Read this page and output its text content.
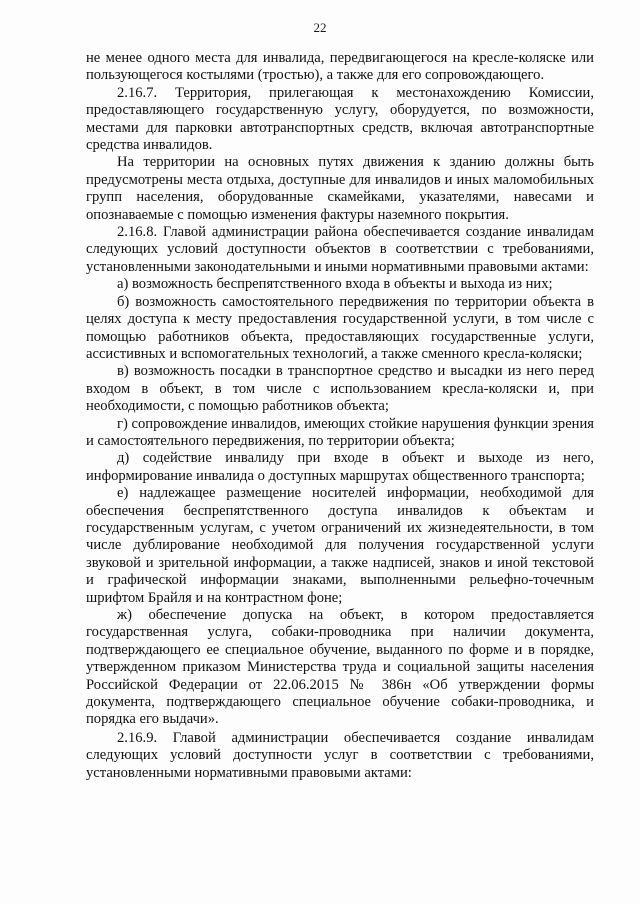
22

не менее одного места для инвалида, передвигающегося на кресле-коляске или пользующегося костылями (тростью), а также для его сопровождающего.

2.16.7. Территория, прилегающая к местонахождению Комиссии, предоставляющего государственную услугу, оборудуется, по возможности, местами для парковки автотранспортных средств, включая автотранспортные средства инвалидов.

На территории на основных путях движения к зданию должны быть предусмотрены места отдыха, доступные для инвалидов и иных маломобильных групп населения, оборудованные скамейками, указателями, навесами и опознаваемые с помощью изменения фактуры наземного покрытия.

2.16.8. Главой администрации района обеспечивается создание инвалидам следующих условий доступности объектов в соответствии с требованиями, установленными законодательными и иными нормативными правовыми актами:

а) возможность беспрепятственного входа в объекты и выхода из них;

б) возможность самостоятельного передвижения по территории объекта в целях доступа к месту предоставления государственной услуги, в том числе с помощью работников объекта, предоставляющих государственные услуги, ассистивных и вспомогательных технологий, а также сменного кресла-коляски;

в) возможность посадки в транспортное средство и высадки из него перед входом в объект, в том числе с использованием кресла-коляски и, при необходимости, с помощью работников объекта;

г) сопровождение инвалидов, имеющих стойкие нарушения функции зрения и самостоятельного передвижения, по территории объекта;

д) содействие инвалиду при входе в объект и выходе из него, информирование инвалида о доступных маршрутах общественного транспорта;

е) надлежащее размещение носителей информации, необходимой для обеспечения беспрепятственного доступа инвалидов к объектам и государственным услугам, с учетом ограничений их жизнедеятельности, в том числе дублирование необходимой для получения государственной услуги звуковой и зрительной информации, а также надписей, знаков и иной текстовой и графической информации знаками, выполненными рельефно-точечным шрифтом Брайля и на контрастном фоне;

ж) обеспечение допуска на объект, в котором предоставляется государственная услуга, собаки-проводника при наличии документа, подтверждающего ее специальное обучение, выданного по форме и в порядке, утвержденном приказом Министерства труда и социальной защиты населения Российской Федерации от 22.06.2015 № 386н «Об утверждении формы документа, подтверждающего специальное обучение собаки-проводника, и порядка его выдачи».

2.16.9. Главой администрации обеспечивается создание инвалидам следующих условий доступности услуг в соответствии с требованиями, установленными нормативными правовыми актами:
